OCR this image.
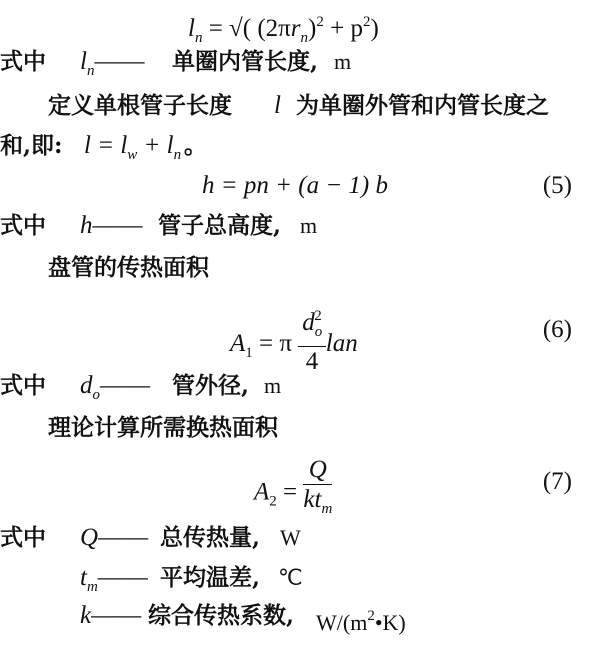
$l_n$ = √( $(2\pi r_n)^2 + p^2$)
式中 $l_n——$ 单圈内管长度, m
定义单根管子长度 l 为单圈外管和内管长度之
和,即: $l = l_w + l_n$ 。
h = pn + (a − 1) b	(5)
式中 h—— 管子总高度, m
盘管的传热面积
$A_1 = \pi \frac{d_o^2}{4}$ lan
(6)
式中 $d_o——$ 管外径, m
理论计算所需换热面积
$A_2 = \frac{Q}{kt_m}$	(7)
式中 Q—— 总传热量, W
$t_m——$ 平均温差, ℃
k—— 综合传热系数, $W/(m^2•K)$
